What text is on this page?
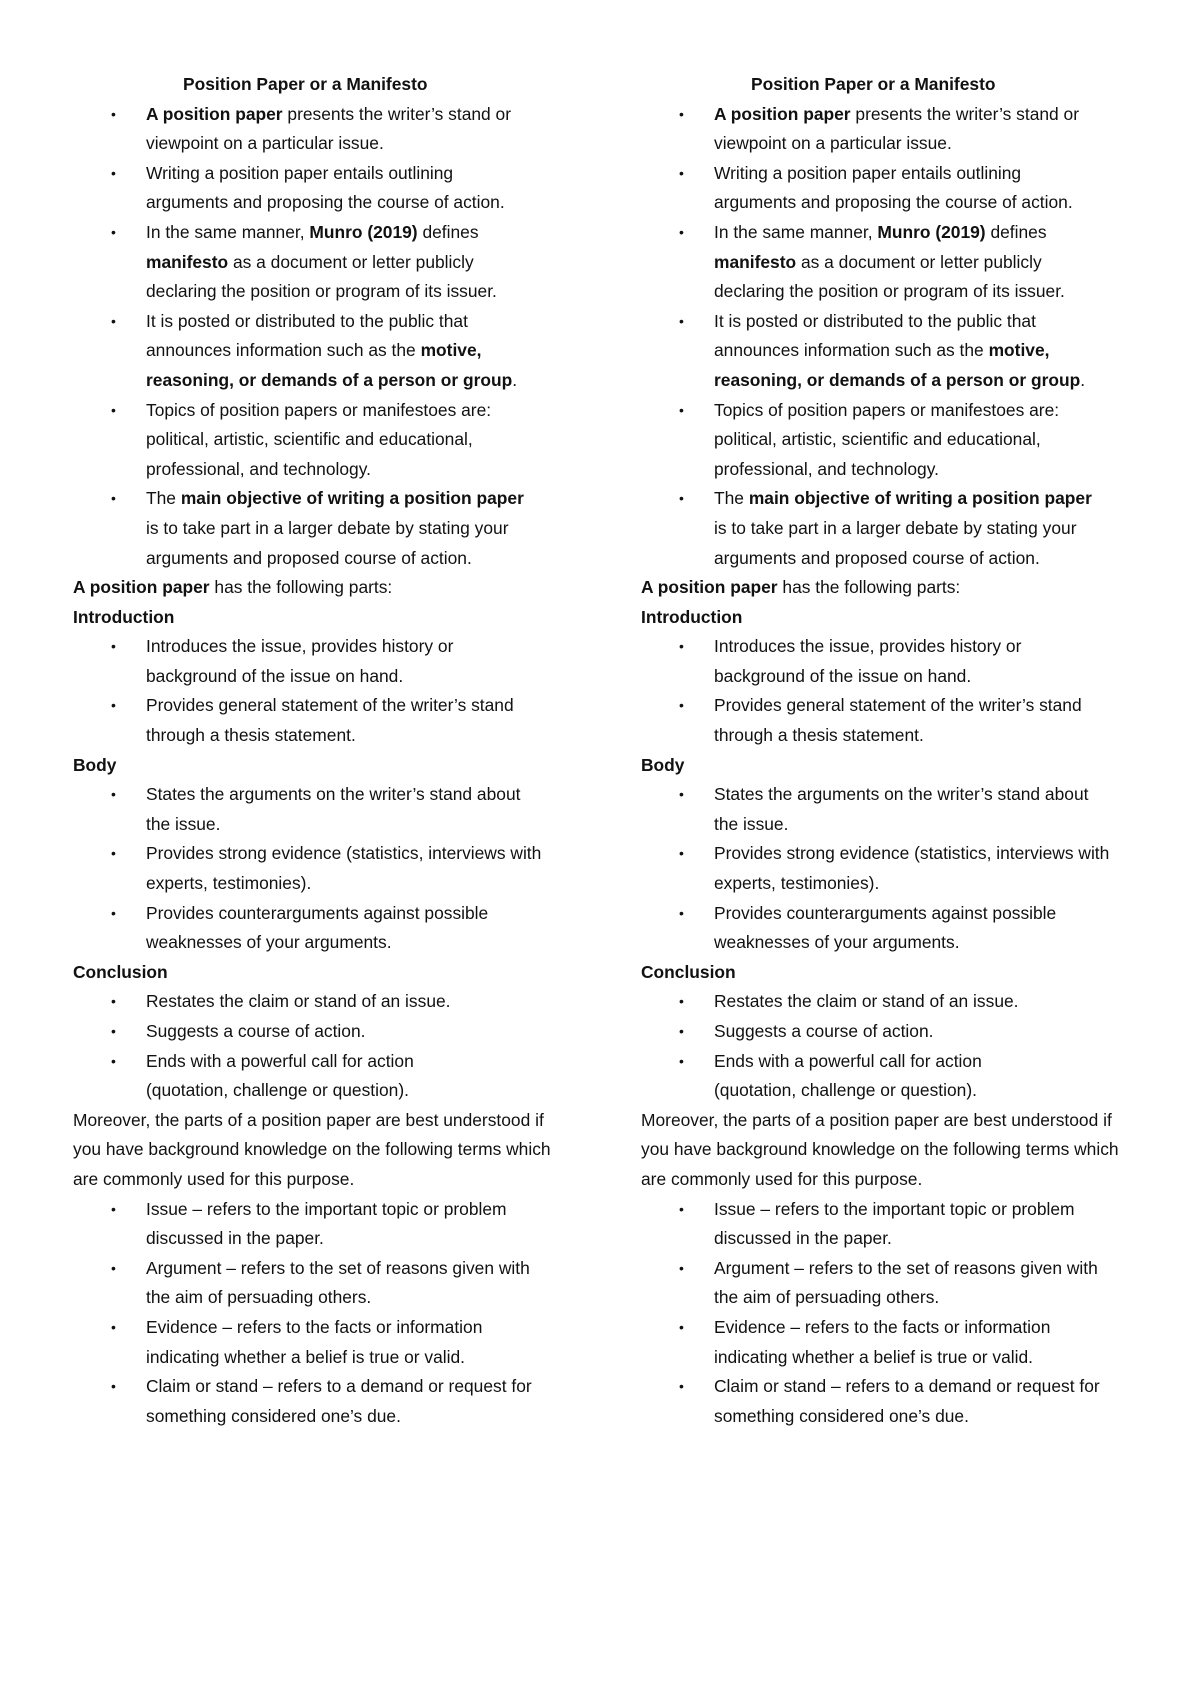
Position Paper or a Manifesto
• A position paper presents the writer’s stand or viewpoint on a particular issue.
• Writing a position paper entails outlining arguments and proposing the course of action.
• In the same manner, Munro (2019) defines manifesto as a document or letter publicly declaring the position or program of its issuer.
• It is posted or distributed to the public that announces information such as the motive, reasoning, or demands of a person or group.
• Topics of position papers or manifestoes are: political, artistic, scientific and educational, professional, and technology.
• The main objective of writing a position paper is to take part in a larger debate by stating your arguments and proposed course of action.

A position paper has the following parts:

Introduction
• Introduces the issue, provides history or background of the issue on hand.
• Provides general statement of the writer’s stand through a thesis statement.
Body
• States the arguments on the writer’s stand about the issue.
• Provides strong evidence (statistics, interviews with experts, testimonies).
• Provides counterarguments against possible weaknesses of your arguments.
Conclusion
• Restates the claim or stand of an issue.
• Suggests a course of action.
• Ends with a powerful call for action (quotation, challenge or question).

Moreover, the parts of a position paper are best understood if you have background knowledge on the following terms which are commonly used for this purpose.

• Issue – refers to the important topic or problem discussed in the paper.
• Argument – refers to the set of reasons given with the aim of persuading others.
• Evidence – refers to the facts or information indicating whether a belief is true or valid.
• Claim or stand – refers to a demand or request for something considered one’s due.
Position Paper or a Manifesto
• A position paper presents the writer’s stand or viewpoint on a particular issue.
• Writing a position paper entails outlining arguments and proposing the course of action.
• In the same manner, Munro (2019) defines manifesto as a document or letter publicly declaring the position or program of its issuer.
• It is posted or distributed to the public that announces information such as the motive, reasoning, or demands of a person or group.
• Topics of position papers or manifestoes are: political, artistic, scientific and educational, professional, and technology.
• The main objective of writing a position paper is to take part in a larger debate by stating your arguments and proposed course of action.

A position paper has the following parts:

Introduction
• Introduces the issue, provides history or background of the issue on hand.
• Provides general statement of the writer’s stand through a thesis statement.
Body
• States the arguments on the writer’s stand about the issue.
• Provides strong evidence (statistics, interviews with experts, testimonies).
• Provides counterarguments against possible weaknesses of your arguments.
Conclusion
• Restates the claim or stand of an issue.
• Suggests a course of action.
• Ends with a powerful call for action (quotation, challenge or question).

Moreover, the parts of a position paper are best understood if you have background knowledge on the following terms which are commonly used for this purpose.

• Issue – refers to the important topic or problem discussed in the paper.
• Argument – refers to the set of reasons given with the aim of persuading others.
• Evidence – refers to the facts or information indicating whether a belief is true or valid.
• Claim or stand – refers to a demand or request for something considered one’s due.
